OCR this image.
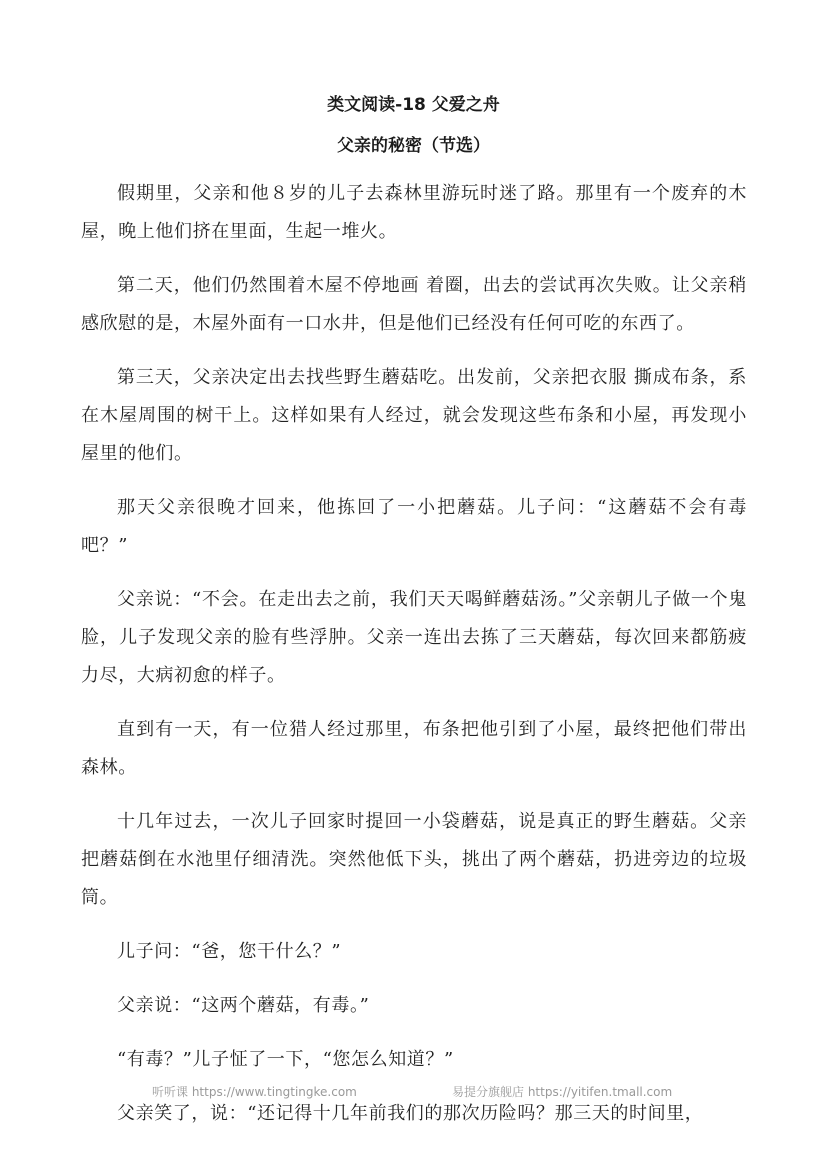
类文阅读-18 父爱之舟
父亲的秘密（节选）

假期里，父亲和他８岁的儿子去森林里游玩时迷了路。那里有一个废弃的木屋，晚上他们挤在里面，生起一堆火。

第二天，他们仍然围着木屋不停地画 着圈，出去的尝试再次失败。让父亲稍感欣慰的是，木屋外面有一口水井，但是他们已经没有任何可吃的东西了。

第三天，父亲决定出去找些野生蘑菇吃。出发前，父亲把衣服 撕成布条，系在木屋周围的树干上。这样如果有人经过，就会发现这些布条和小屋，再发现小屋里的他们。

那天父亲很晚才回来，他拣回了一小把蘑菇。儿子问：“这蘑菇不会有毒吧？”

父亲说：“不会。在走出去之前，我们天天喝鲜蘑菇汤。”父亲朝儿子做一个鬼脸，儿子发现父亲的脸有些浮肿。父亲一连出去拣了三天蘑菇，每次回来都筋疲力尽，大病初愈的样子。

直到有一天，有一位猎人经过那里，布条把他引到了小屋，最终把他们带出森林。

十几年过去，一次儿子回家时提回一小袋蘑菇，说是真正的野生蘑菇。父亲把蘑菇倒在水池里仔细清洗。突然他低下头，挑出了两个蘑菇，扔进旁边的垃圾筒。

儿子问：“爸，您干什么？”

父亲说：“这两个蘑菇，有毒。”

“有毒？”儿子怔了一下，“您怎么知道？”

父亲笑了，说：“还记得十几年前我们的那次历险吗？那三天的时间里，

听听课 https://www.tingtingke.com	易提分旗舰店 https://yitifen.tmall.com
